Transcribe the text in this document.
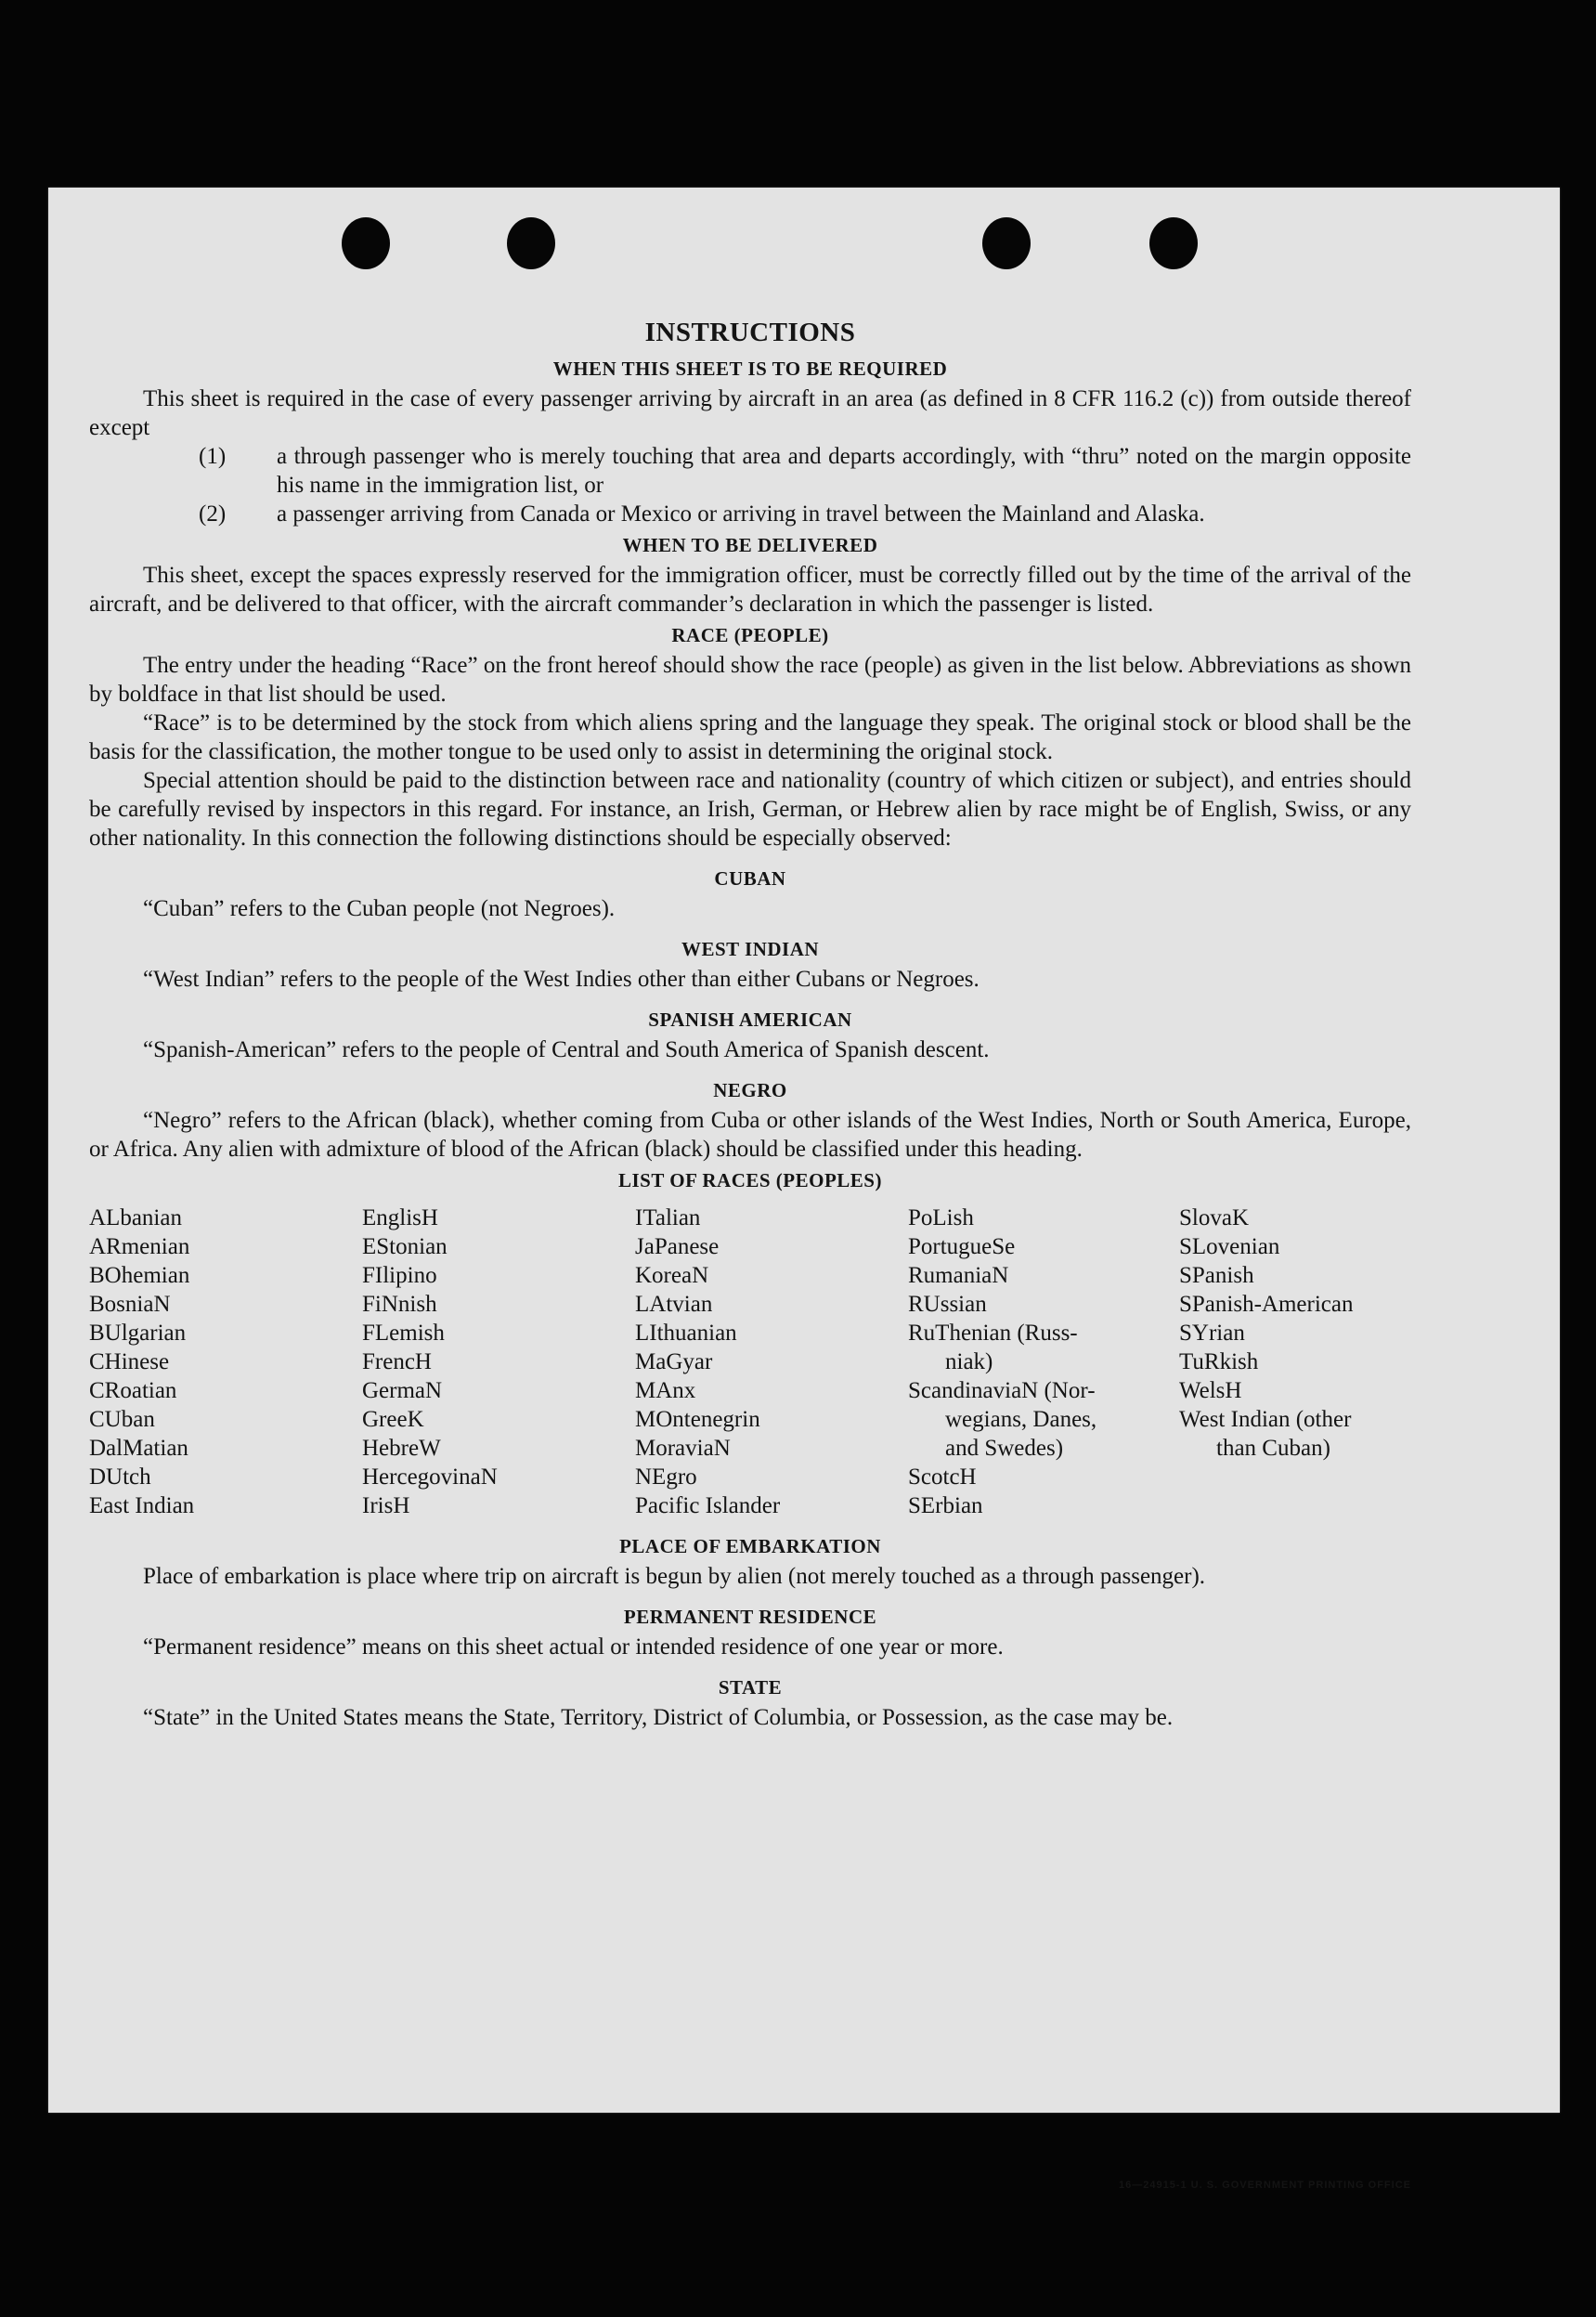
INSTRUCTIONS
WHEN THIS SHEET IS TO BE REQUIRED

This sheet is required in the case of every passenger arriving by aircraft in an area (as defined in 8 CFR 116.2 (c)) from outside thereof except

(1) a through passenger who is merely touching that area and departs accordingly, with “thru” noted on the margin opposite his name in the immigration list, or
(2) a passenger arriving from Canada or Mexico or arriving in travel between the Mainland and Alaska.
WHEN TO BE DELIVERED

This sheet, except the spaces expressly reserved for the immigration officer, must be correctly filled out by the time of the arrival of the aircraft, and be delivered to that officer, with the aircraft commander’s declaration in which the passenger is listed.

RACE (PEOPLE)

The entry under the heading “Race” on the front hereof should show the race (people) as given in the list below. Abbreviations as shown by boldface in that list should be used.

“Race” is to be determined by the stock from which aliens spring and the language they speak. The original stock or blood shall be the basis for the classification, the mother tongue to be used only to assist in determining the original stock.

Special attention should be paid to the distinction between race and nationality (country of which citizen or subject), and entries should be carefully revised by inspectors in this regard. For instance, an Irish, German, or Hebrew alien by race might be of English, Swiss, or any other nationality. In this connection the following distinctions should be especially observed:

CUBAN

“Cuban” refers to the Cuban people (not Negroes).

WEST INDIAN

“West Indian” refers to the people of the West Indies other than either Cubans or Negroes.

SPANISH AMERICAN

“Spanish-American” refers to the people of Central and South America of Spanish descent.

NEGRO

“Negro” refers to the African (black), whether coming from Cuba or other islands of the West Indies, North or South America, Europe, or Africa. Any alien with admixture of blood of the African (black) should be classified under this heading.

LIST OF RACES (PEOPLES)
ALbanian
ARmenian
BOhemian
BosniaN
BUlgarian
CHinese
CRoatian
CUban
DalMatian
DUtch
East Indian
EnglisH
EStonian
FIlipino
FiNnish
FLemish
FrencH
GermaN
GreeK
HebreW
HercegovinaN
IrisH
ITalian
JaPanese
KoreaN
LAtvian
LIthuanian
MaGyar
MAnx
MOntenegrin
MoraviaN
NEgro
Pacific Islander
PoLish
PortugueSe
RumaniaN
RUssian
RuThenian (Russ-
niak)
ScandinaviaN (Nor-
wegians, Danes,
and Swedes)
ScotcH
SErbian
SlovaK
SLovenian
SPanish
SPanish-American
SYrian
TuRkish
WelsH
West Indian (other
than Cuban)
PLACE OF EMBARKATION

Place of embarkation is place where trip on aircraft is begun by alien (not merely touched as a through passenger).

PERMANENT RESIDENCE

“Permanent residence” means on this sheet actual or intended residence of one year or more.

STATE

“State” in the United States means the State, Territory, District of Columbia, or Possession, as the case may be.

16—24915-1 U. S. GOVERNMENT PRINTING OFFICE
